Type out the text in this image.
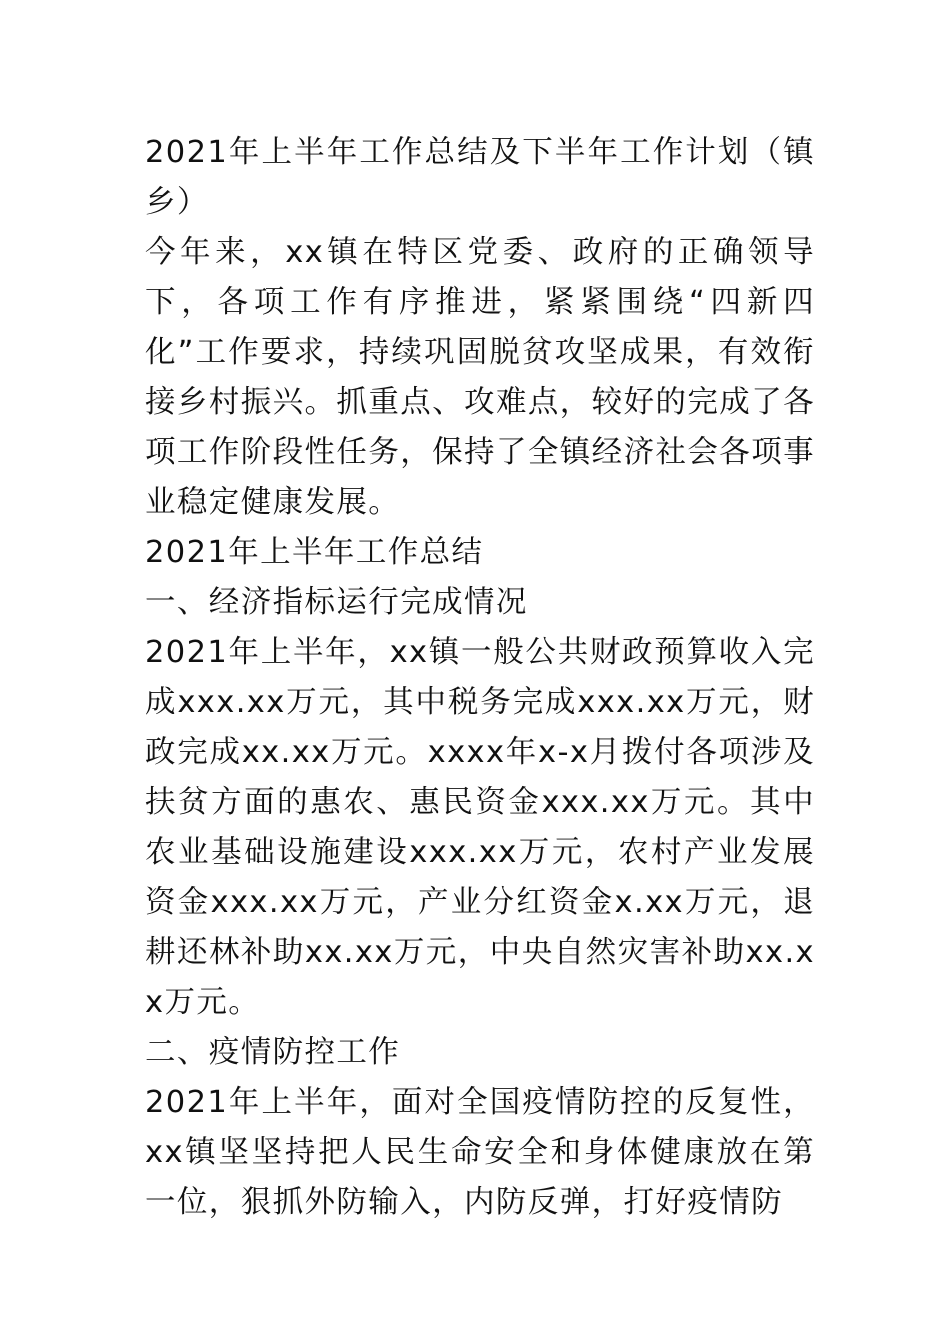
2021年上半年工作总结及下半年工作计划（镇乡）

今年来，xx镇在特区党委、政府的正确领导下，各项工作有序推进，紧紧围绕“四新四化”工作要求，持续巩固脱贫攻坚成果，有效衔接乡村振兴。抓重点、攻难点，较好的完成了各项工作阶段性任务，保持了全镇经济社会各项事业稳定健康发展。

2021年上半年工作总结

一、经济指标运行完成情况

2021年上半年，xx镇一般公共财政预算收入完成xxx.xx万元，其中税务完成xxx.xx万元，财政完成xx.xx万元。xxxx年x-x月拨付各项涉及扶贫方面的惠农、惠民资金xxx.xx万元。其中农业基础设施建设xxx.xx万元，农村产业发展资金xxx.xx万元，产业分红资金x.xx万元，退耕还林补助xx.xx万元，中央自然灾害补助xx.xx万元。

二、疫情防控工作

2021年上半年，面对全国疫情防控的反复性，xx镇坚坚持把人民生命安全和身体健康放在第一位，狠抓外防输入，内防反弹，打好疫情防
